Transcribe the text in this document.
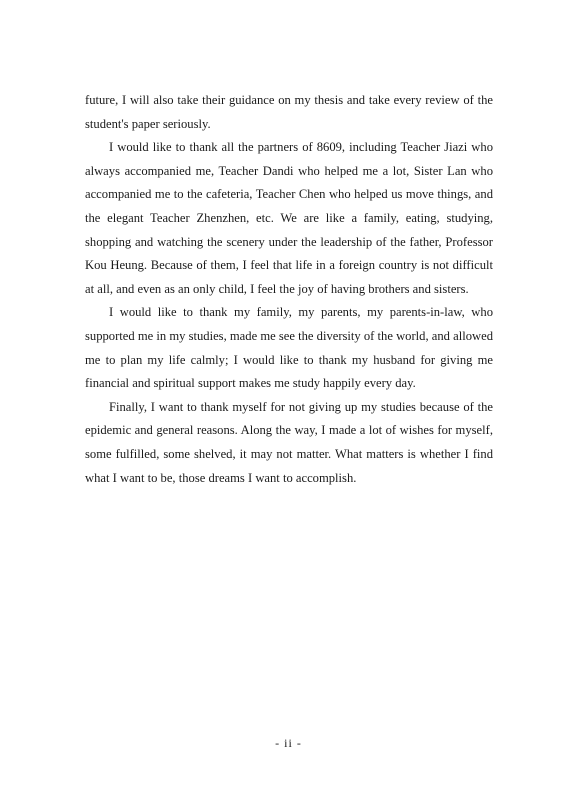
future, I will also take their guidance on my thesis and take every review of the student's paper seriously.

I would like to thank all the partners of 8609, including Teacher Jiazi who always accompanied me, Teacher Dandi who helped me a lot, Sister Lan who accompanied me to the cafeteria, Teacher Chen who helped us move things, and the elegant Teacher Zhenzhen, etc. We are like a family, eating, studying, shopping and watching the scenery under the leadership of the father, Professor Kou Heung. Because of them, I feel that life in a foreign country is not difficult at all, and even as an only child, I feel the joy of having brothers and sisters.

I would like to thank my family, my parents, my parents-in-law, who supported me in my studies, made me see the diversity of the world, and allowed me to plan my life calmly; I would like to thank my husband for giving me financial and spiritual support makes me study happily every day.

Finally, I want to thank myself for not giving up my studies because of the epidemic and general reasons. Along the way, I made a lot of wishes for myself, some fulfilled, some shelved, it may not matter. What matters is whether I find what I want to be, those dreams I want to accomplish.

- ii -
